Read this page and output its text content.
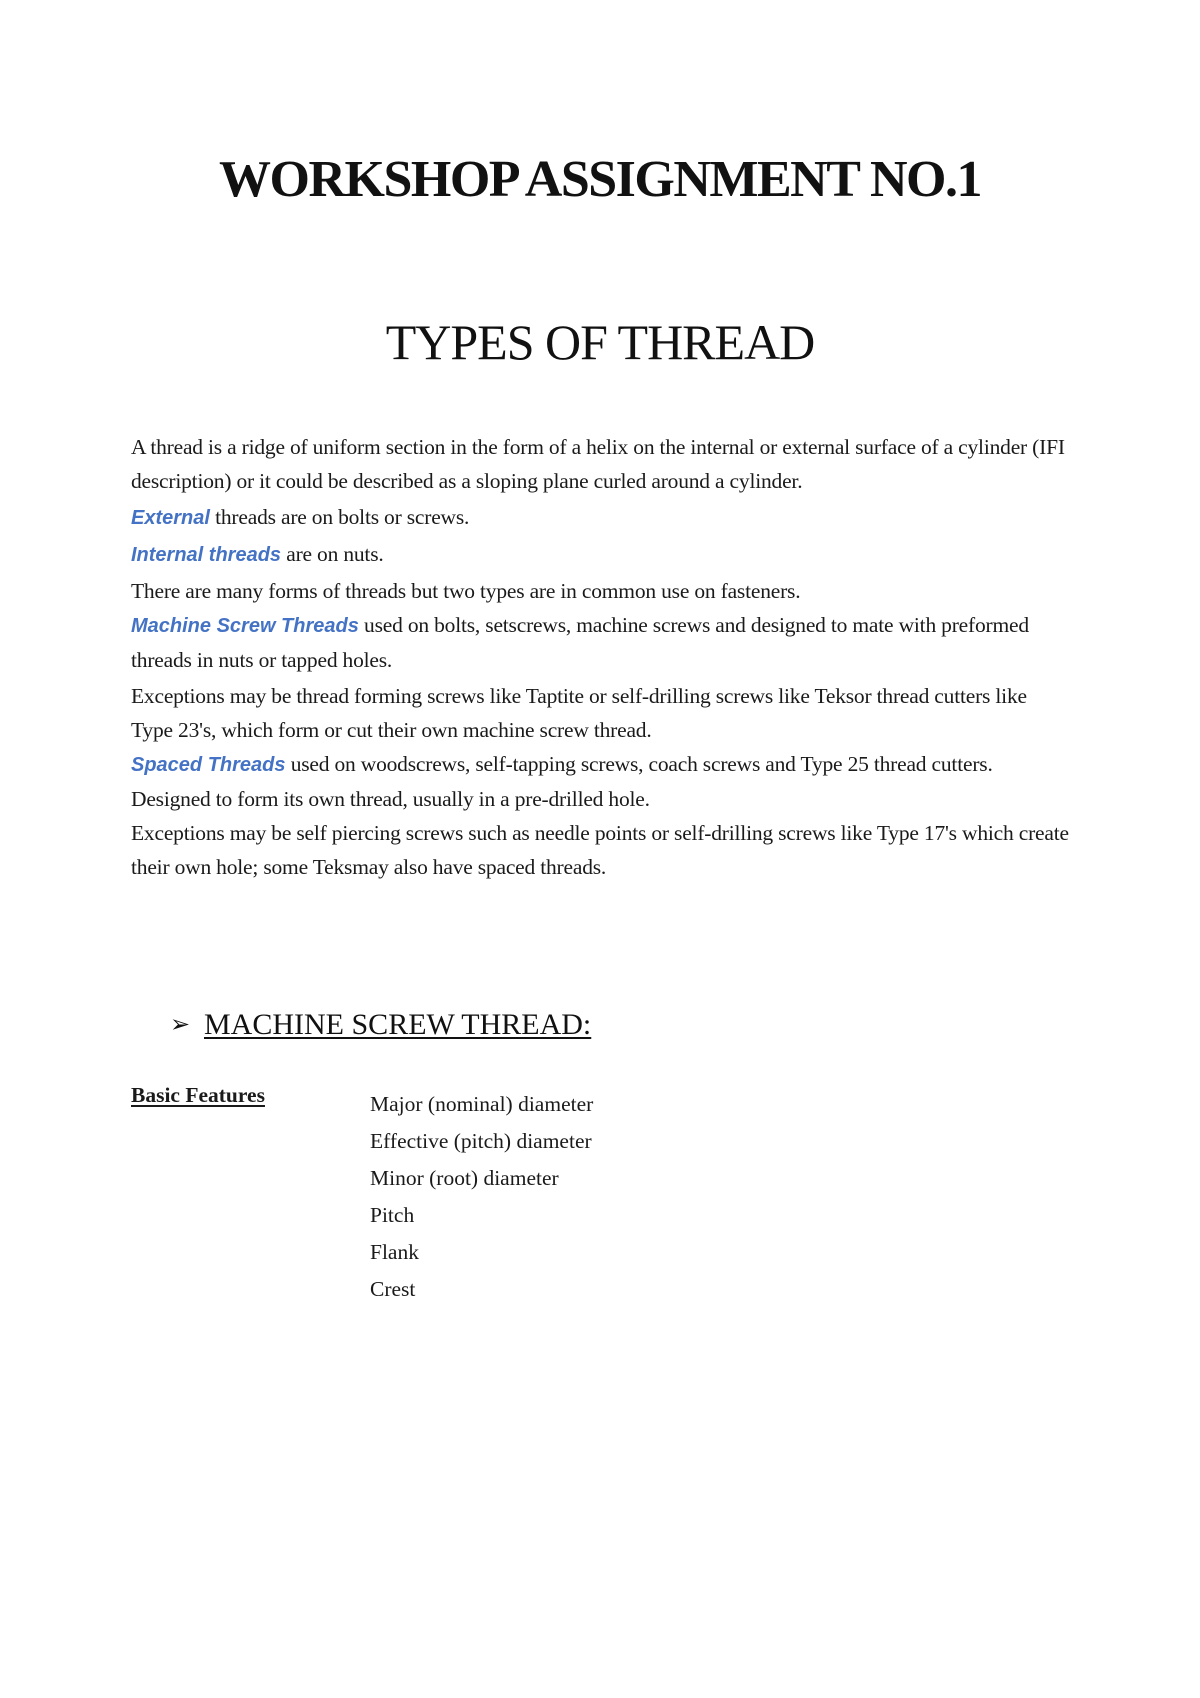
WORKSHOP ASSIGNMENT NO.1
TYPES OF THREAD

A thread is a ridge of uniform section in the form of a helix on the internal or external surface of a cylinder (IFI description) or it could be described as a sloping plane curled around a cylinder.

External threads are on bolts or screws.

Internal threads are on nuts.

There are many forms of threads but two types are in common use on fasteners.

Machine Screw Threads used on bolts, setscrews, machine screws and designed to mate with preformed threads in nuts or tapped holes.

Exceptions may be thread forming screws like Taptite or self-drilling screws like Teksor thread cutters like Type 23's, which form or cut their own machine screw thread.

Spaced Threads used on woodscrews, self-tapping screws, coach screws and Type 25 thread cutters. Designed to form its own thread, usually in a pre-drilled hole.

Exceptions may be self piercing screws such as needle points or self-drilling screws like Type 17's which create their own hole; some Teksmay also have spaced threads.

➢ MACHINE SCREW THREAD:

Basic Features	Major (nominal) diameter
Effective (pitch) diameter
Minor (root) diameter
Pitch
Flank
Crest
